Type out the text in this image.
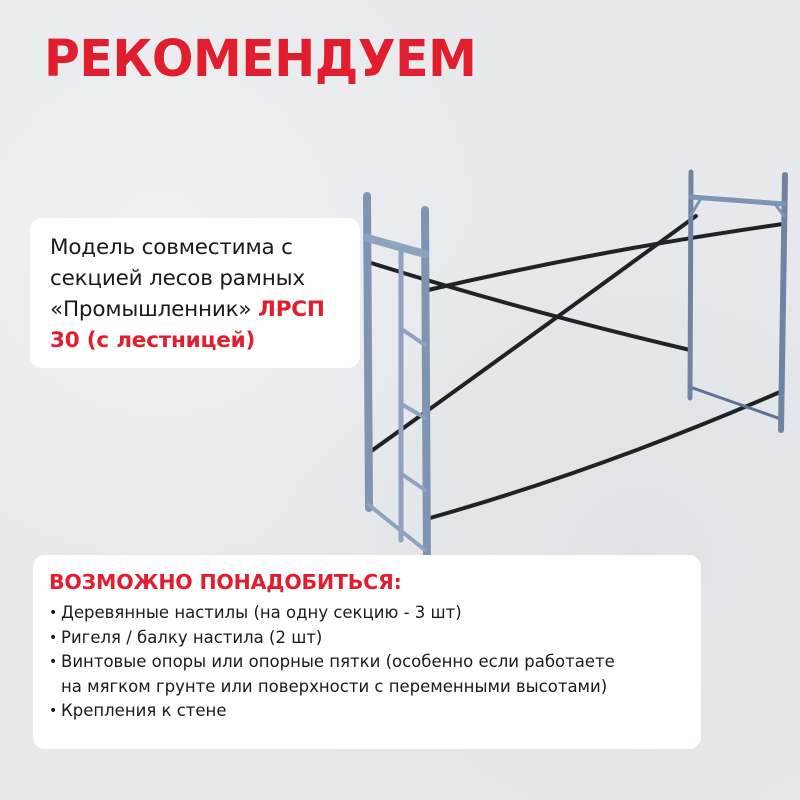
РЕКОМЕНДУЕМ
Модель совместима с
секцией лесов рамных
«Промышленник» ЛРСП
30 (с лестницей)
ВОЗМОЖНО ПОНАДОБИТЬСЯ:
• Деревянные настилы (на одну секцию - 3 шт)
• Ригеля / балку настила (2 шт)
• Винтовые опоры или опорные пятки (особенно если работаете
на мягком грунте или поверхности с переменными высотами)
• Крепления к стене
